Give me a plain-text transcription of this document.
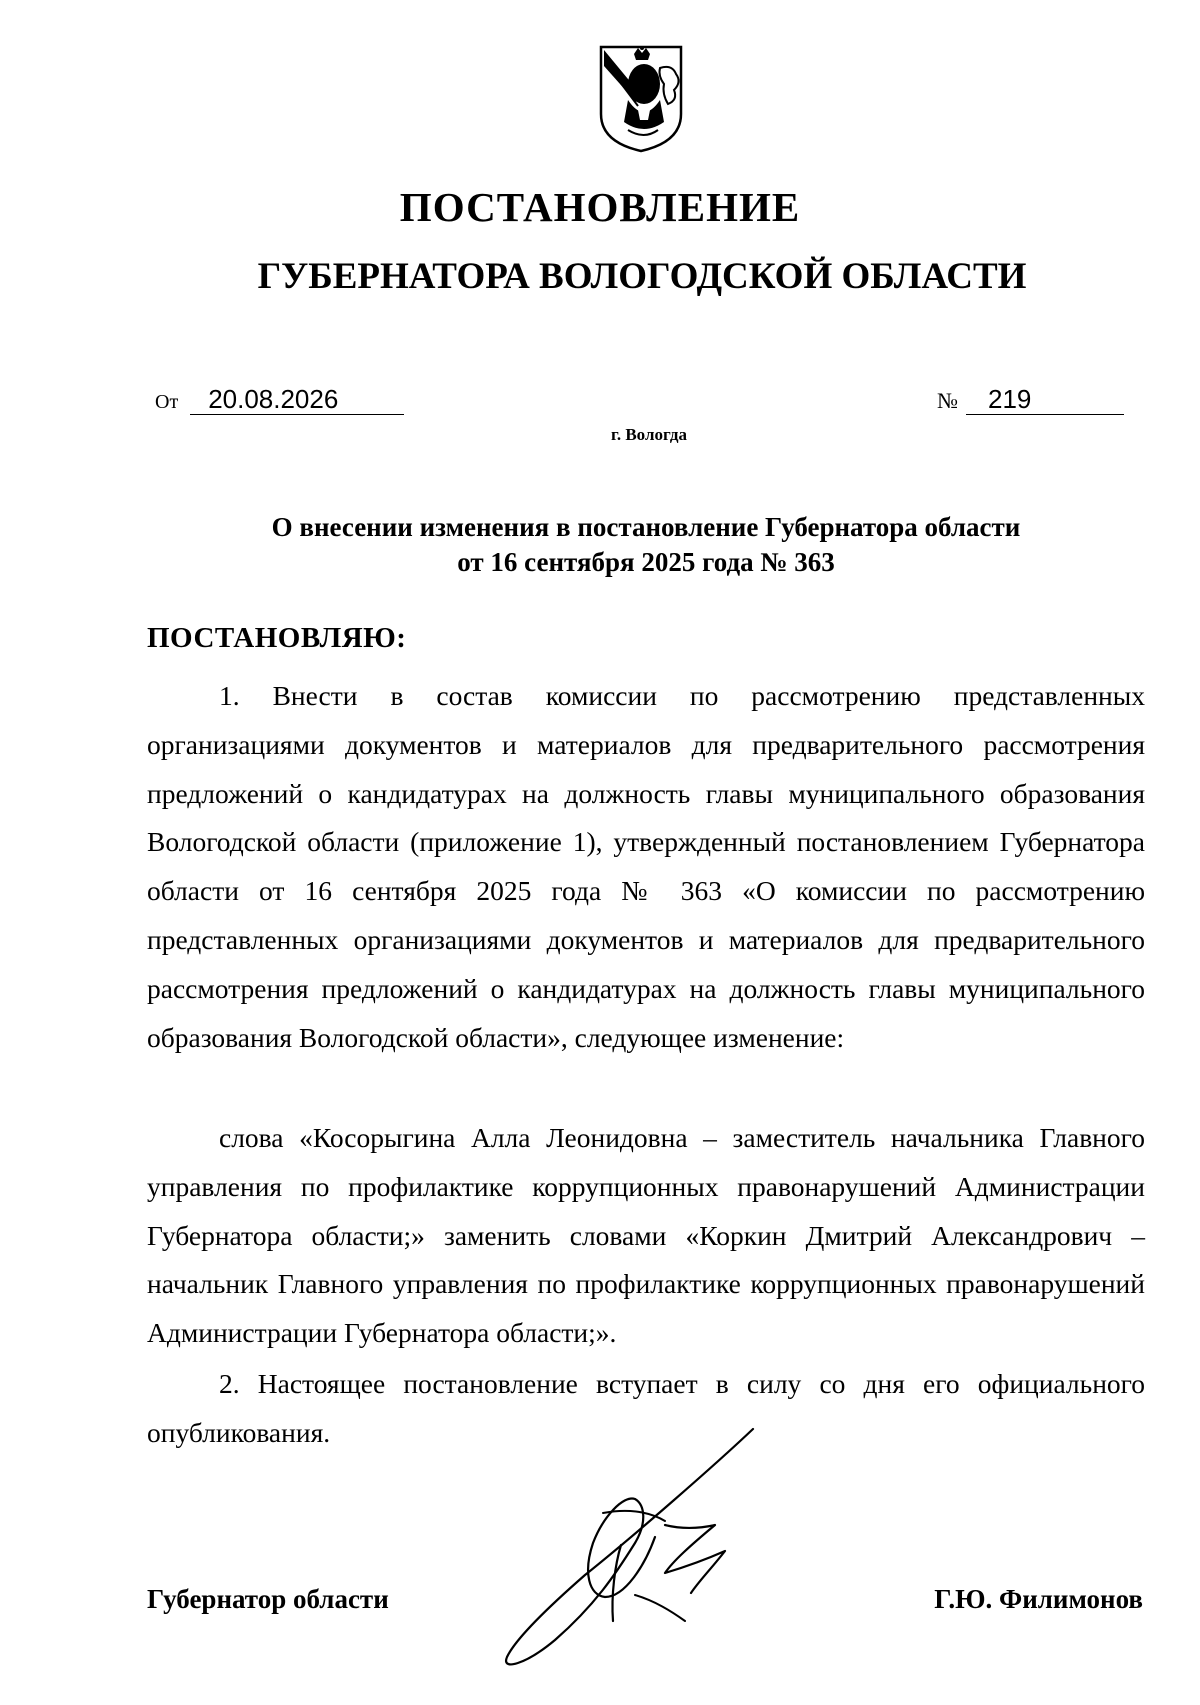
ПОСТАНОВЛЕНИЕ
ГУБЕРНАТОРА ВОЛОГОДСКОЙ ОБЛАСТИ
От 20.08.2026	№ 219
г. Вологда
О внесении изменения в постановление Губернатора области
от 16 сентября 2025 года № 363
ПОСТАНОВЛЯЮ:
1. Внести в состав комиссии по рассмотрению представленных организациями документов и материалов для предварительного рассмотрения предложений о кандидатурах на должность главы муниципального образования Вологодской области (приложение 1), утвержденный постановлением Губернатора области от 16 сентября 2025 года № 363 «О комиссии по рассмотрению представленных организациями документов и материалов для предварительного рассмотрения предложений о кандидатурах на должность главы муниципального образования Вологодской области», следующее изменение:
слова «Косорыгина Алла Леонидовна – заместитель начальника Главного управления по профилактике коррупционных правонарушений Администрации Губернатора области;» заменить словами «Коркин Дмитрий Александрович – начальник Главного управления по профилактике коррупционных правонарушений Администрации Губернатора области;».
2. Настоящее постановление вступает в силу со дня его официального опубликования.
Губернатор области	Г.Ю. Филимонов
